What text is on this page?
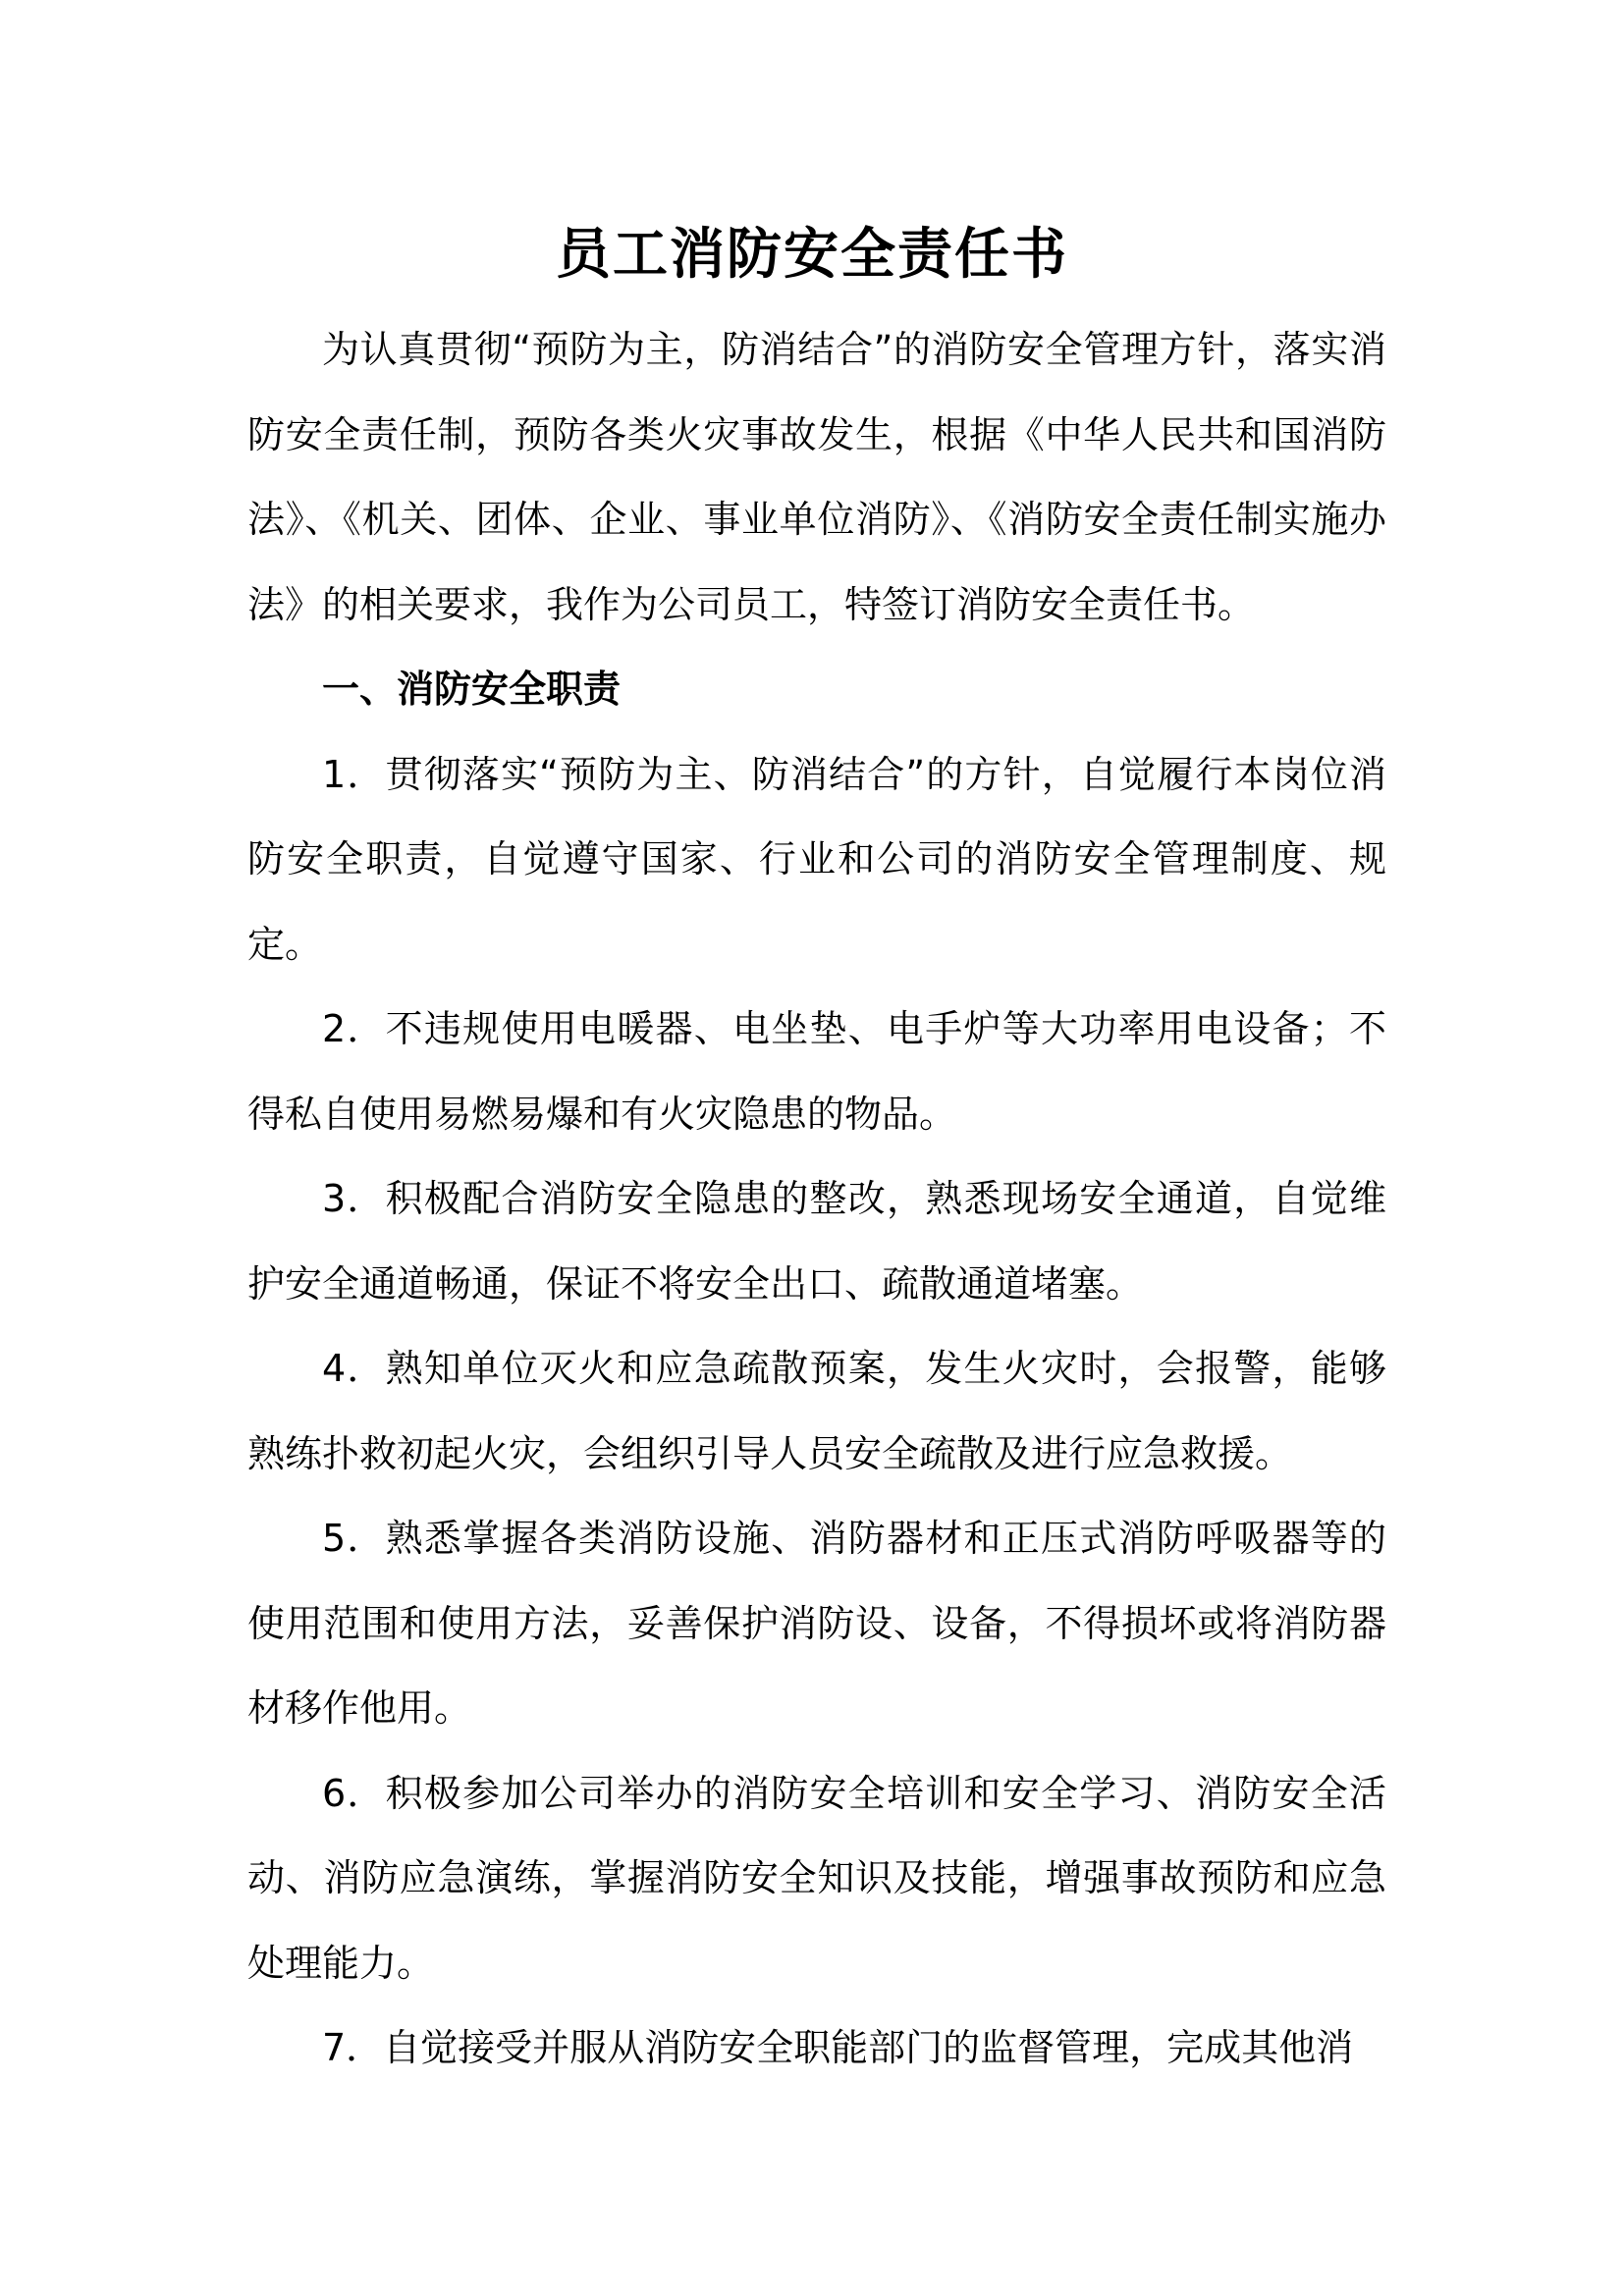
员工消防安全责任书

为认真贯彻“预防为主，防消结合”的消防安全管理方针，落实消防安全责任制，预防各类火灾事故发生，根据《中华人民共和国消防法》、《机关、团体、企业、事业单位消防》、《消防安全责任制实施办法》的相关要求，我作为公司员工，特签订消防安全责任书。

一、消防安全职责

1．贯彻落实“预防为主、防消结合”的方针，自觉履行本岗位消防安全职责，自觉遵守国家、行业和公司的消防安全管理制度、规定。

2．不违规使用电暖器、电坐垫、电手炉等大功率用电设备；不得私自使用易燃易爆和有火灾隐患的物品。

3．积极配合消防安全隐患的整改，熟悉现场安全通道，自觉维护安全通道畅通，保证不将安全出口、疏散通道堵塞。

4．熟知单位灭火和应急疏散预案，发生火灾时，会报警，能够熟练扑救初起火灾，会组织引导人员安全疏散及进行应急救援。

5．熟悉掌握各类消防设施、消防器材和正压式消防呼吸器等的使用范围和使用方法，妥善保护消防设、设备，不得损坏或将消防器材移作他用。

6．积极参加公司举办的消防安全培训和安全学习、消防安全活动、消防应急演练，掌握消防安全知识及技能，增强事故预防和应急处理能力。

7．自觉接受并服从消防安全职能部门的监督管理，完成其他消
